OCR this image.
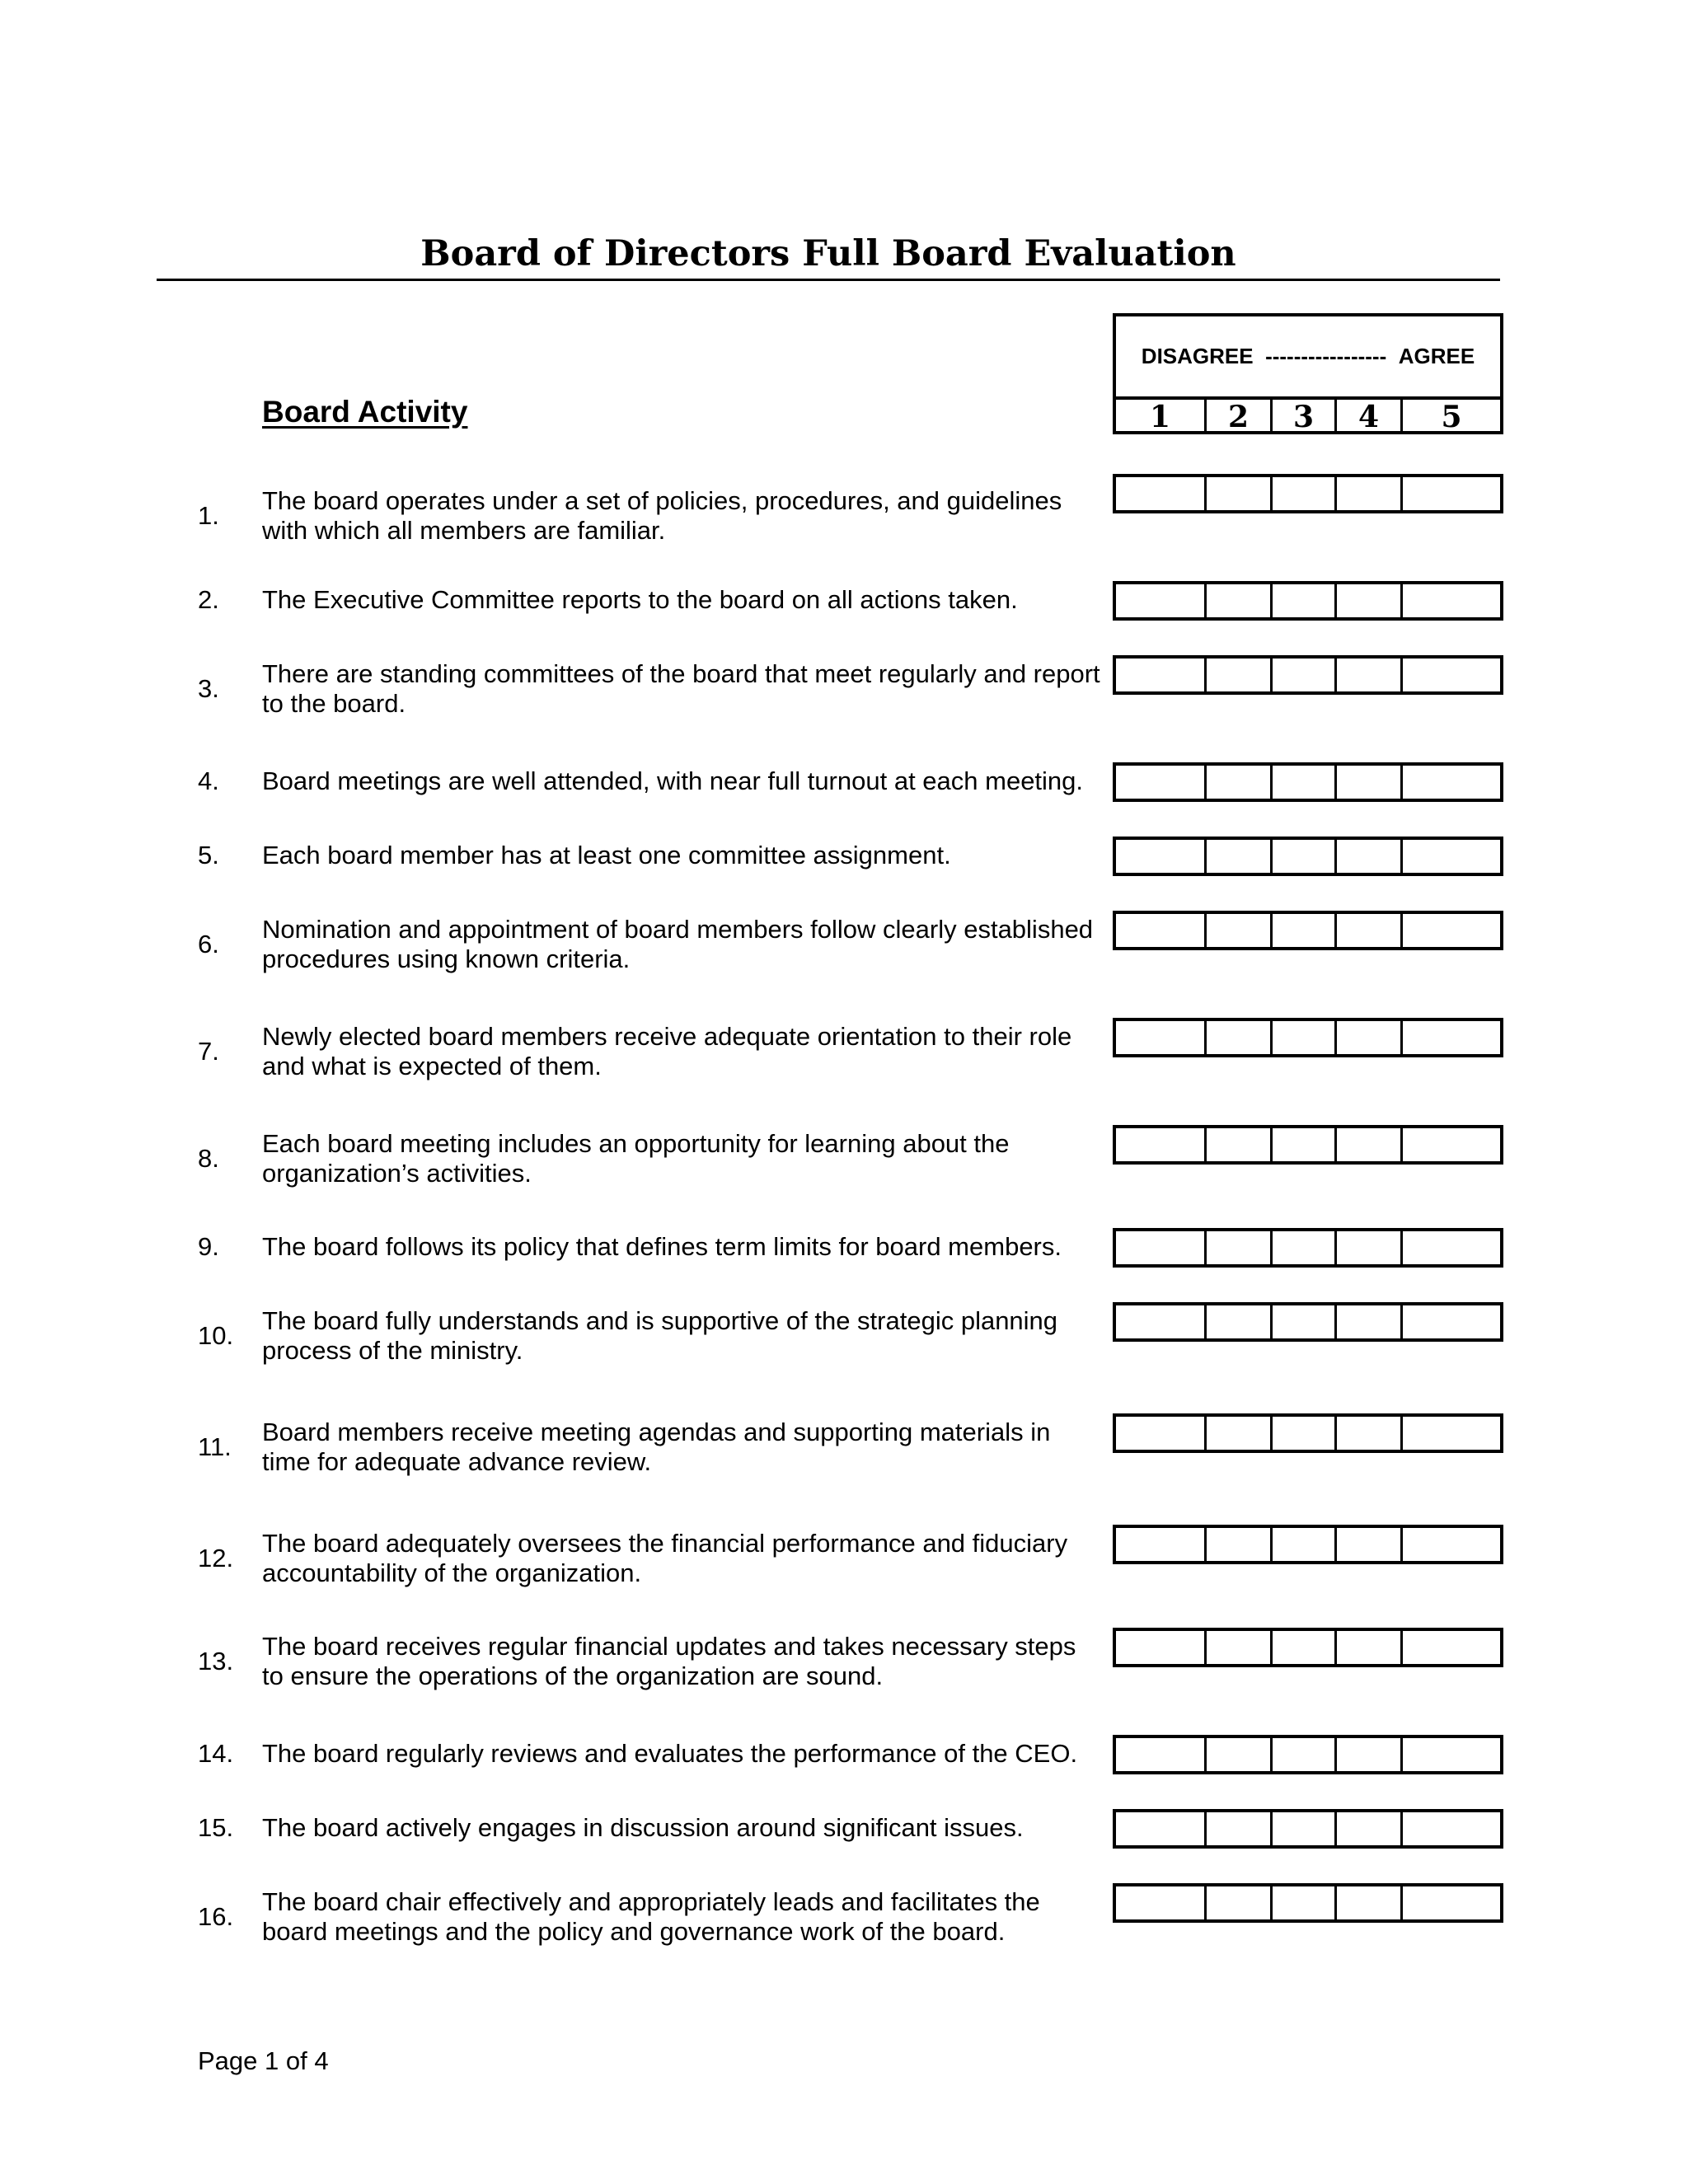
Board of Directors Full Board Evaluation
DISAGREE
-----------------
AGREE
1	2	3	4	5
Board Activity
1.
The board operates under a set of policies, procedures, and guidelines with which all members are familiar.
2. The Executive Committee reports to the board on all actions taken.
3.
There are standing committees of the board that meet regularly and report to the board.
4. Board meetings are well attended, with near full turnout at each meeting.
5. Each board member has at least one committee assignment.
6.
Nomination and appointment of board members follow clearly established procedures using known criteria.
7.
Newly elected board members receive adequate orientation to their role and what is expected of them.
8.
Each board meeting includes an opportunity for learning about the organization’s activities.
9. The board follows its policy that defines term limits for board members.
10.
The board fully understands and is supportive of the strategic planning process of the ministry.
11.
Board members receive meeting agendas and supporting materials in time for adequate advance review.
12.
The board adequately oversees the financial performance and fiduciary accountability of the organization.
13.
The board receives regular financial updates and takes necessary steps to ensure the operations of the organization are sound.
14. The board regularly reviews and evaluates the performance of the CEO.
15. The board actively engages in discussion around significant issues.
16.
The board chair effectively and appropriately leads and facilitates the board meetings and the policy and governance work of the board.
Page 1 of 4
